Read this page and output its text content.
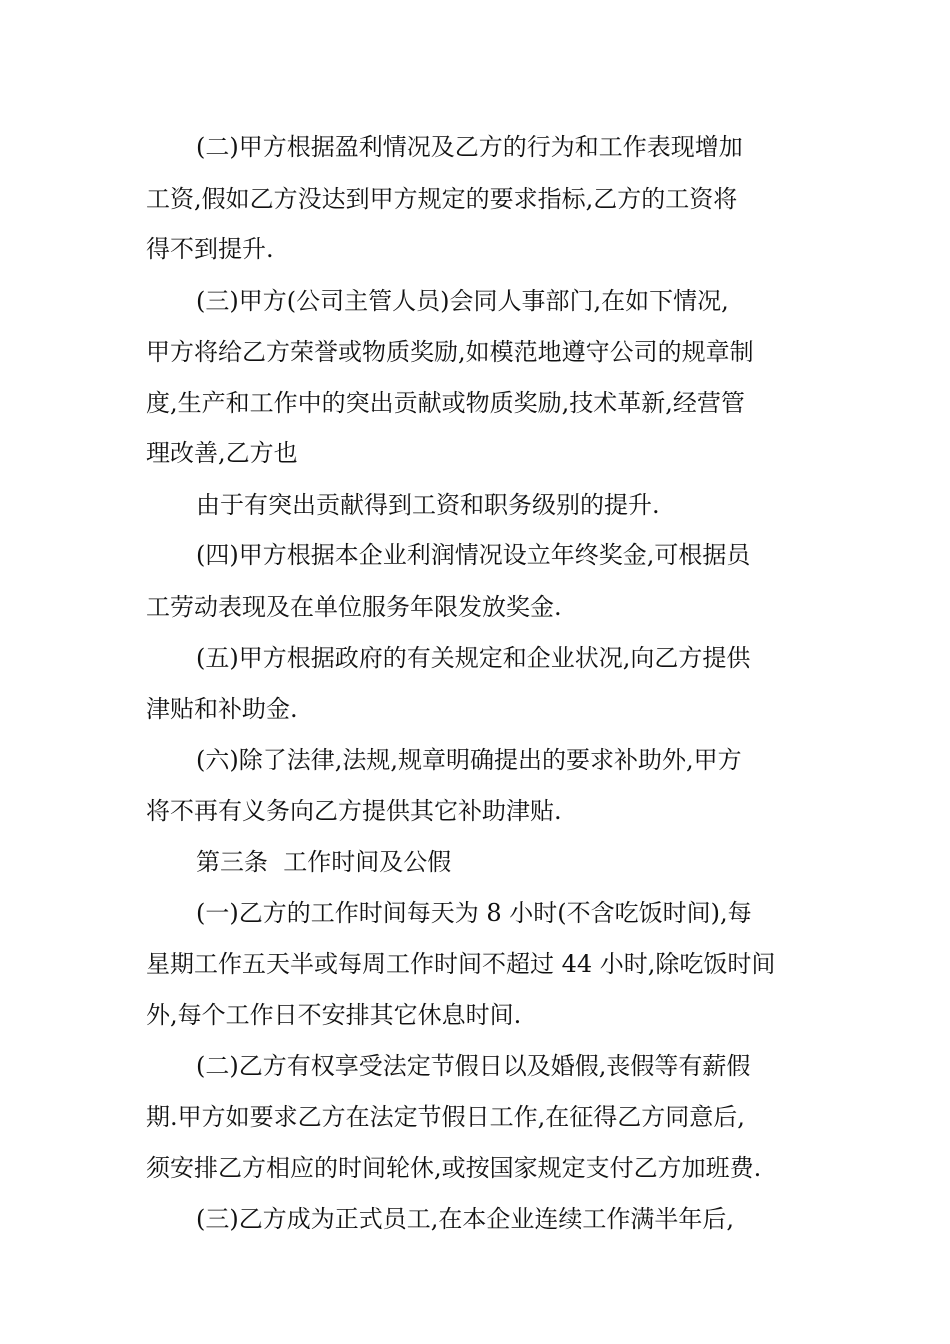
(二)甲方根据盈利情况及乙方的行为和工作表现增加
工资,假如乙方没达到甲方规定的要求指标,乙方的工资将
得不到提升.
(三)甲方(公司主管人员)会同人事部门,在如下情况,
甲方将给乙方荣誉或物质奖励,如模范地遵守公司的规章制
度,生产和工作中的突出贡献或物质奖励,技术革新,经营管
理改善,乙方也
由于有突出贡献得到工资和职务级别的提升.
(四)甲方根据本企业利润情况设立年终奖金,可根据员
工劳动表现及在单位服务年限发放奖金.
(五)甲方根据政府的有关规定和企业状况,向乙方提供
津贴和补助金.
(六)除了法律,法规,规章明确提出的要求补助外,甲方
将不再有义务向乙方提供其它补助津贴.
第三条  工作时间及公假
(一)乙方的工作时间每天为 8 小时(不含吃饭时间),每
星期工作五天半或每周工作时间不超过 44 小时,除吃饭时间
外,每个工作日不安排其它休息时间.
(二)乙方有权享受法定节假日以及婚假,丧假等有薪假
期.甲方如要求乙方在法定节假日工作,在征得乙方同意后,
须安排乙方相应的时间轮休,或按国家规定支付乙方加班费.
(三)乙方成为正式员工,在本企业连续工作满半年后,
